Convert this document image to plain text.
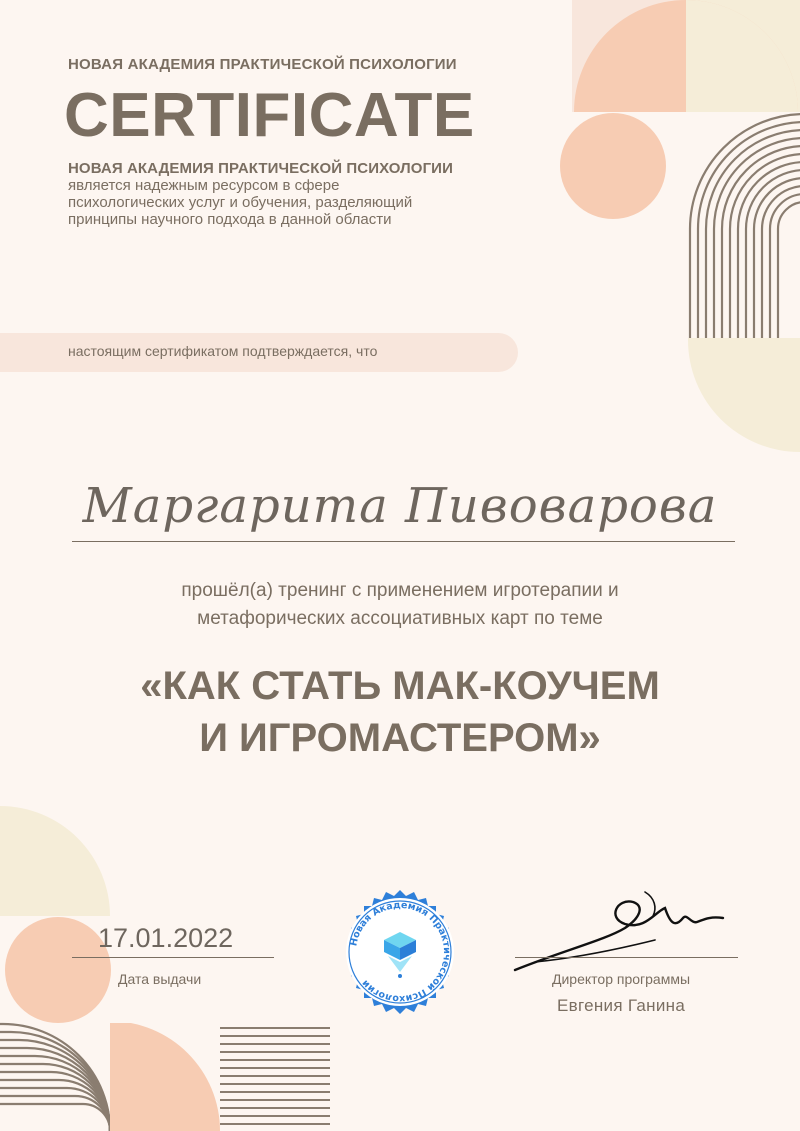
НОВАЯ АКАДЕМИЯ ПРАКТИЧЕСКОЙ ПСИХОЛОГИИ
CERTIFICATE
НОВАЯ АКАДЕМИЯ ПРАКТИЧЕСКОЙ ПСИХОЛОГИИ
является надежным ресурсом в сфере
психологических услуг и обучения, разделяющий
принципы научного подхода в данной области
настоящим сертификатом подтверждается, что
Маргарита Пивоварова
прошёл(а) тренинг с применением игротерапии и
метафорических ассоциативных карт по теме
«КАК СТАТЬ МАК-КОУЧЕМ
И ИГРОМАСТЕРОМ»
17.01.2022
Дата выдачи
Новая Академия Практической Психологии	Директор программы
Евгения Ганина
